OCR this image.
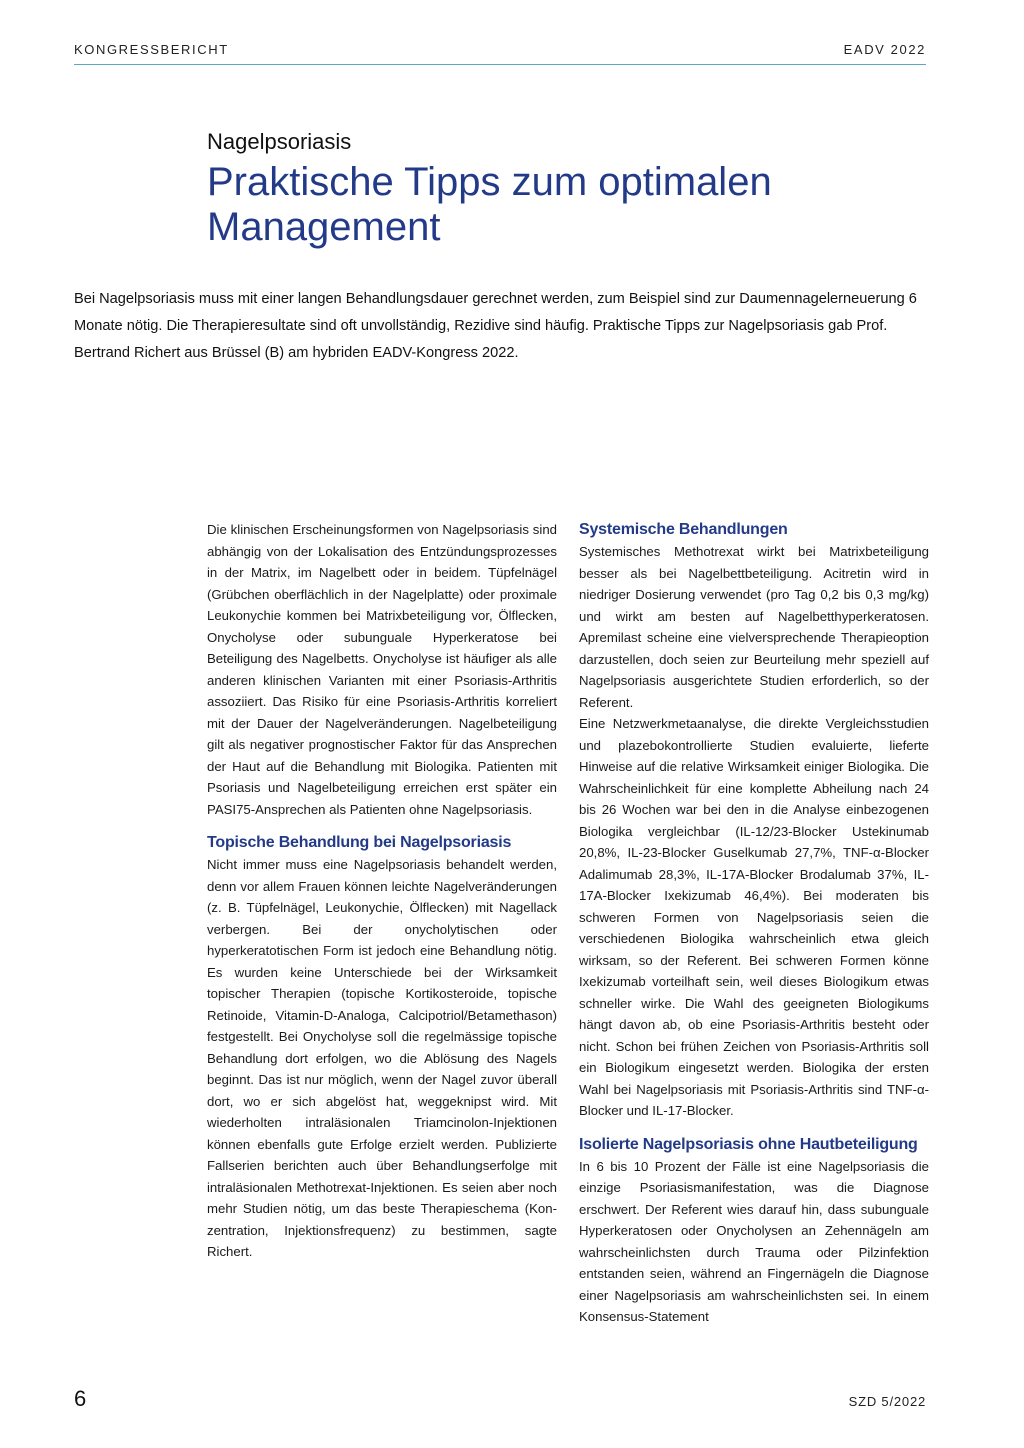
KONGRESSBERICHT	EADV 2022
Nagelpsoriasis
Praktische Tipps zum optimalen Management

Bei Nagelpsoriasis muss mit einer langen Behandlungsdauer gerechnet werden, zum Beispiel sind zur Daumennagelerneuerung 6 Monate nötig. Die Therapieresultate sind oft unvollständig, Rezidive sind häufig. Praktische Tipps zur Nagelpsoriasis gab Prof. Bertrand Richert aus Brüssel (B) am hybriden EADV-Kongress 2022.

Die klinischen Erscheinungsformen von Nagelpsoriasis sind abhängig von der Lokalisation des Entzündungsprozesses in der Matrix, im Nagelbett oder in beidem. Tüpfelnägel (Grübchen oberflächlich in der Nagelplatte) oder proximale Leukonychie kommen bei Matrixbeteiligung vor, Ölflecken, Onycholyse oder subunguale Hyperkeratose bei Beteiligung des Nagelbetts. Onycholyse ist häufiger als alle anderen klinischen Varianten mit einer Psoriasis-Arthritis assoziiert. Das Risiko für eine Psoriasis-Arthritis korreliert mit der Dauer der Nagelveränderungen. Nagelbeteiligung gilt als negativer prognostischer Faktor für das Ansprechen der Haut auf die Behandlung mit Biologika. Patienten mit Psoriasis und Nagelbeteiligung erreichen erst später ein PASI75-Ansprechen als Patienten ohne Nagelpsoriasis.

Topische Behandlung bei Nagelpsoriasis

Nicht immer muss eine Nagelpsoriasis behandelt werden, denn vor allem Frauen können leichte Nagelveränderungen (z. B. Tüpfelnägel, Leukonychie, Ölflecken) mit Nagellack verbergen. Bei der onycholytischen oder hyperkeratotischen Form ist jedoch eine Behandlung nötig. Es wurden keine Unterschiede bei der Wirksamkeit topischer Therapien (topische Kortikosteroide, topische Retinoide, Vitamin-D-Analoga, Calcipotriol/Betamethason) festgestellt. Bei Onycholyse soll die regelmässige topische Behandlung dort erfolgen, wo die Ablösung des Nagels beginnt. Das ist nur möglich, wenn der Nagel zuvor überall dort, wo er sich abgelöst hat, weggeknipst wird. Mit wiederholten intraläsionalen Triamcinolon-Injektionen können ebenfalls gute Erfolge erzielt werden. Publizierte Fallserien berichten auch über Behandlungserfolge mit intraläsionalen Methotrexat-Injektionen. Es seien aber noch mehr Studien nötig, um das beste Therapieschema (Konzentration, Injektionsfrequenz) zu bestimmen, sagte Richert.

Systemische Behandlungen

Systemisches Methotrexat wirkt bei Matrixbeteiligung besser als bei Nagelbettbeteiligung. Acitretin wird in niedriger Dosierung verwendet (pro Tag 0,2 bis 0,3 mg/kg) und wirkt am besten auf Nagelbetthyperkeratosen. Apremilast scheine eine vielversprechende Therapieoption darzustellen, doch seien zur Beurteilung mehr speziell auf Nagelpsoriasis ausgerichtete Studien erforderlich, so der Referent.

Eine Netzwerkmetaanalyse, die direkte Vergleichsstudien und plazebokontrollierte Studien evaluierte, lieferte Hinweise auf die relative Wirksamkeit einiger Biologika. Die Wahrscheinlichkeit für eine komplette Abheilung nach 24 bis 26 Wochen war bei den in die Analyse einbezogenen Biologika vergleichbar (IL-12/23-Blocker Ustekinumab 20,8%, IL-23-Blocker Guselkumab 27,7%, TNF-α-Blocker Adalimumab 28,3%, IL-17A-Blocker Brodalumab 37%, IL-17A-Blocker Ixekizumab 46,4%). Bei moderaten bis schweren Formen von Nagelpsoriasis seien die verschiedenen Biologika wahrscheinlich etwa gleich wirksam, so der Referent. Bei schweren Formen könne Ixekizumab vorteilhaft sein, weil dieses Biologikum etwas schneller wirke. Die Wahl des geeigneten Biologikums hängt davon ab, ob eine Psoriasis-Arthritis besteht oder nicht. Schon bei frühen Zeichen von Psoriasis-Arthritis soll ein Biologikum eingesetzt werden. Biologika der ersten Wahl bei Nagelpsoriasis mit Psoriasis-Arthritis sind TNF-α-Blocker und IL-17-Blocker.

Isolierte Nagelpsoriasis ohne Hautbeteiligung

In 6 bis 10 Prozent der Fälle ist eine Nagelpsoriasis die einzige Psoriasismanifestation, was die Diagnose erschwert. Der Referent wies darauf hin, dass subunguale Hyperkeratosen oder Onycholysen an Zehennägeln am wahrscheinlichsten durch Trauma oder Pilzinfektion entstanden seien, während an Fingernägeln die Diagnose einer Nagelpsoriasis am wahrscheinlichsten sei. In einem Konsensus-Statement

6	SZD 5/2022
